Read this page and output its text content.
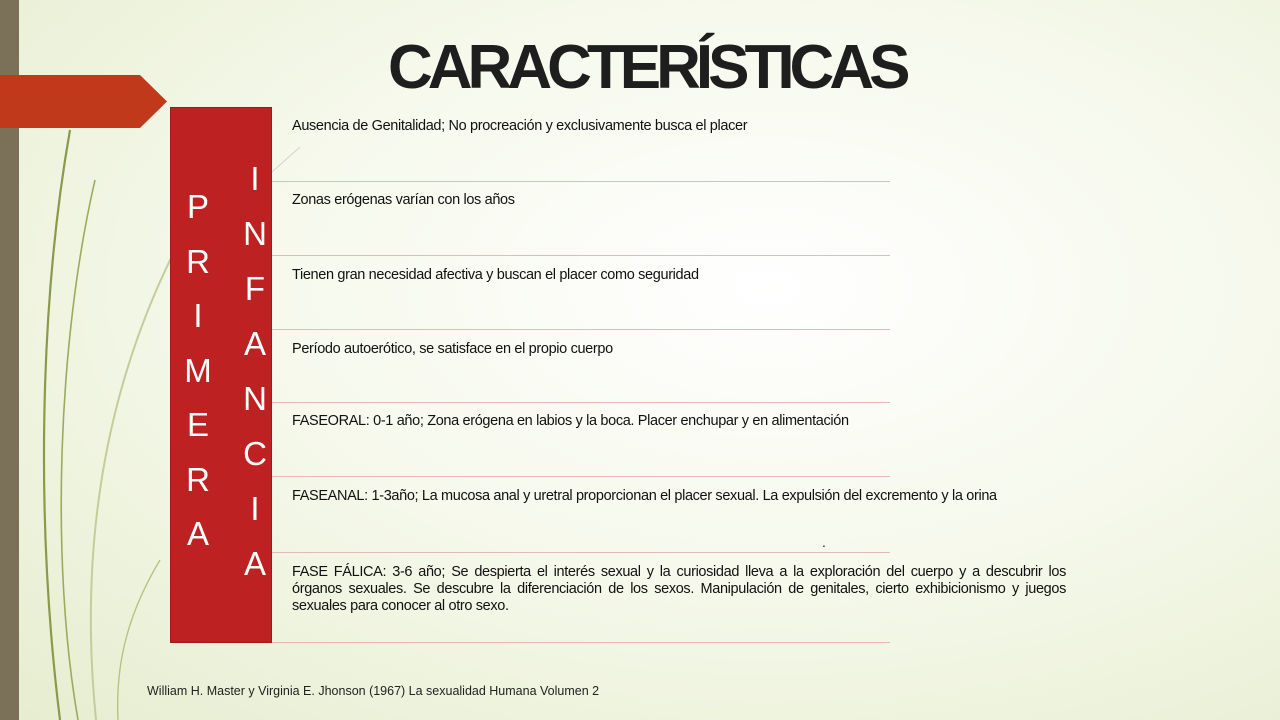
CARACTERÍSTICAS
P
R
I
M
E
R
A
I
N
F
A
N
C
I
A
Ausencia de Genitalidad; No procreación y exclusivamente busca el placer
Zonas erógenas varían con los años
Tienen gran necesidad afectiva y buscan el placer como seguridad
Período autoerótico, se satisface en el propio cuerpo
FASEORAL: 0-1 año; Zona erógena en labios y la boca. Placer enchupar y en alimentación
FASEANAL: 1-3año; La mucosa anal y uretral proporcionan el placer sexual. La expulsión del excremento y la orina
FASE FÁLICA: 3-6 año; Se despierta el interés sexual y la curiosidad lleva a la exploración del cuerpo y a descubrir los órganos sexuales. Se descubre la diferenciación de los sexos. Manipulación de genitales, cierto exhibicionismo y juegos sexuales para conocer al otro sexo.
.
William H. Master y Virginia E. Jhonson (1967) La sexualidad Humana Volumen 2
